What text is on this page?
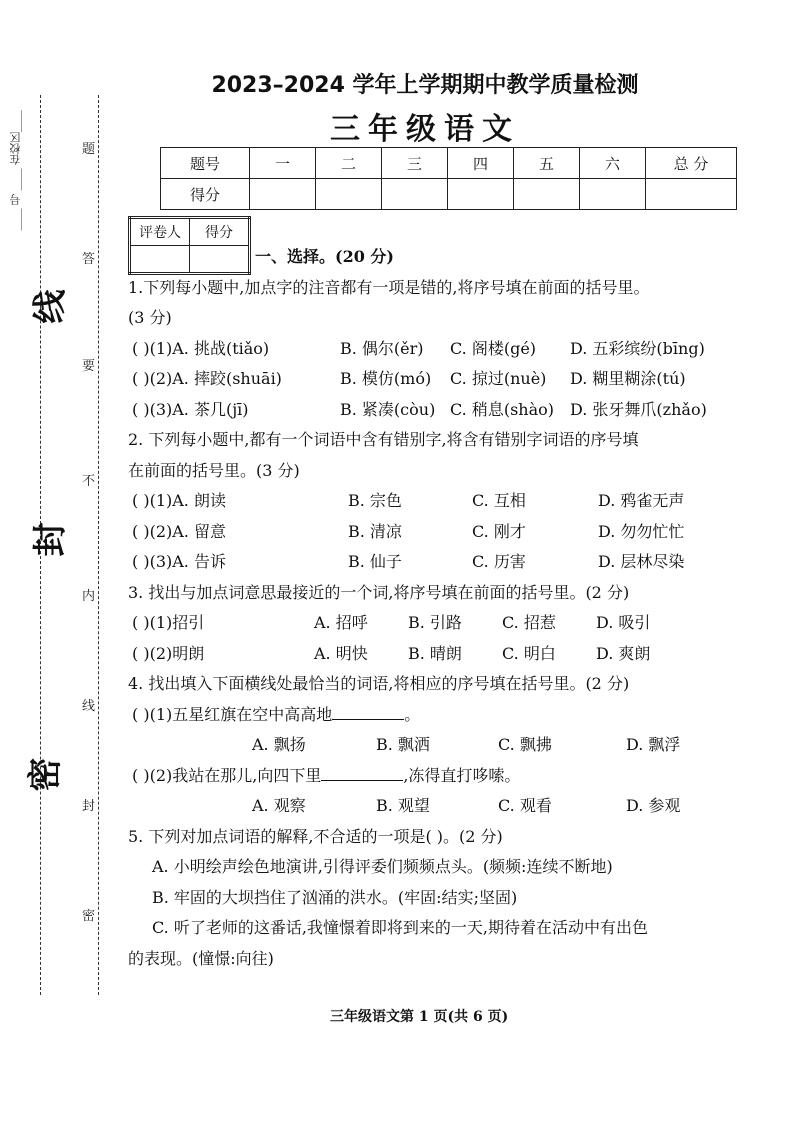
____ 号 ____ 在校区____	题
答
要
不
内
线
封
密
线
封
密
2023–2024 学年上学期期中教学质量检测
三年级语文
题号	一	二	三	四	五	六	总 分
得分							
评卷人	得分

一、选择。(20 分)

1.下列每小题中,加点字的注音都有一项是错的,将序号填在前面的括号里。

(3 分)

( )(1)A. 挑战(tiǎo)	B. 偶尔(ěr) C. 阁楼(gé) D. 五彩缤纷(bīng)

( )(2)A. 摔跤(shuāi)	B. 模仿(mó) C. 掠过(nuè) D. 糊里糊涂(tú)

( )(3)A. 茶几(jī)	B. 紧凑(còu) C. 稍息(shào) D. 张牙舞爪(zhǎo)

2. 下列每小题中,都有一个词语中含有错别字,将含有错别字词语的序号填

在前面的括号里。(3 分)

( )(1)A. 朗读	B. 宗色	C. 互相	D. 鸦雀无声

( )(2)A. 留意	B. 清凉	C. 刚才	D. 勿勿忙忙

( )(3)A. 告诉	B. 仙子	C. 历害	D. 层林尽染

3. 找出与加点词意思最接近的一个词,将序号填在前面的括号里。(2 分)

( )(1)招引	A. 招呼	B. 引路	C. 招惹	D. 吸引

( )(2)明朗	A. 明快	B. 晴朗	C. 明白	D. 爽朗

4. 找出填入下面横线处最恰当的词语,将相应的序号填在括号里。(2 分)

( )(1)五星红旗在空中高高地	。

A. 飘扬	B. 飘洒	C. 飘拂	D. 飘浮

( )(2)我站在那儿,向四下里	,冻得直打哆嗦。

A. 观察	B. 观望	C. 观看	D. 参观

5. 下列对加点词语的解释,不合适的一项是( )。(2 分)

A. 小明绘声绘色地演讲,引得评委们频频点头。(频频:连续不断地)

B. 牢固的大坝挡住了汹涌的洪水。(牢固:结实;坚固)

C. 听了老师的这番话,我憧憬着即将到来的一天,期待着在活动中有出色

的表现。(憧憬:向往)

三年级语文第 1 页(共 6 页)
